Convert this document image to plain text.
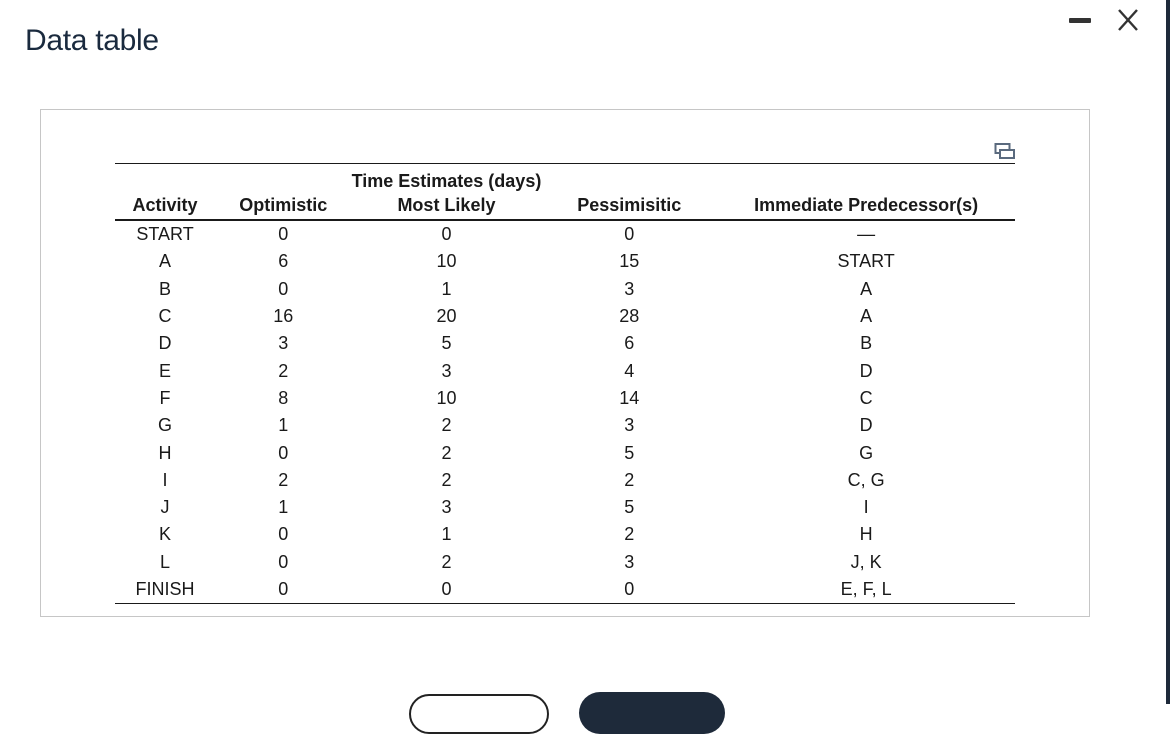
Data table
		Time Estimates (days)		
Activity	Optimistic	Most Likely	Pessimisitic	Immediate Predecessor(s)
START	0	0	0	—
A	6	10	15	START
B	0	1	3	A
C	16	20	28	A
D	3	5	6	B
E	2	3	4	D
F	8	10	14	C
G	1	2	3	D
H	0	2	5	G
I	2	2	2	C, G
J	1	3	5	I
K	0	1	2	H
L	0	2	3	J, K
FINISH	0	0	0	E, F, L
